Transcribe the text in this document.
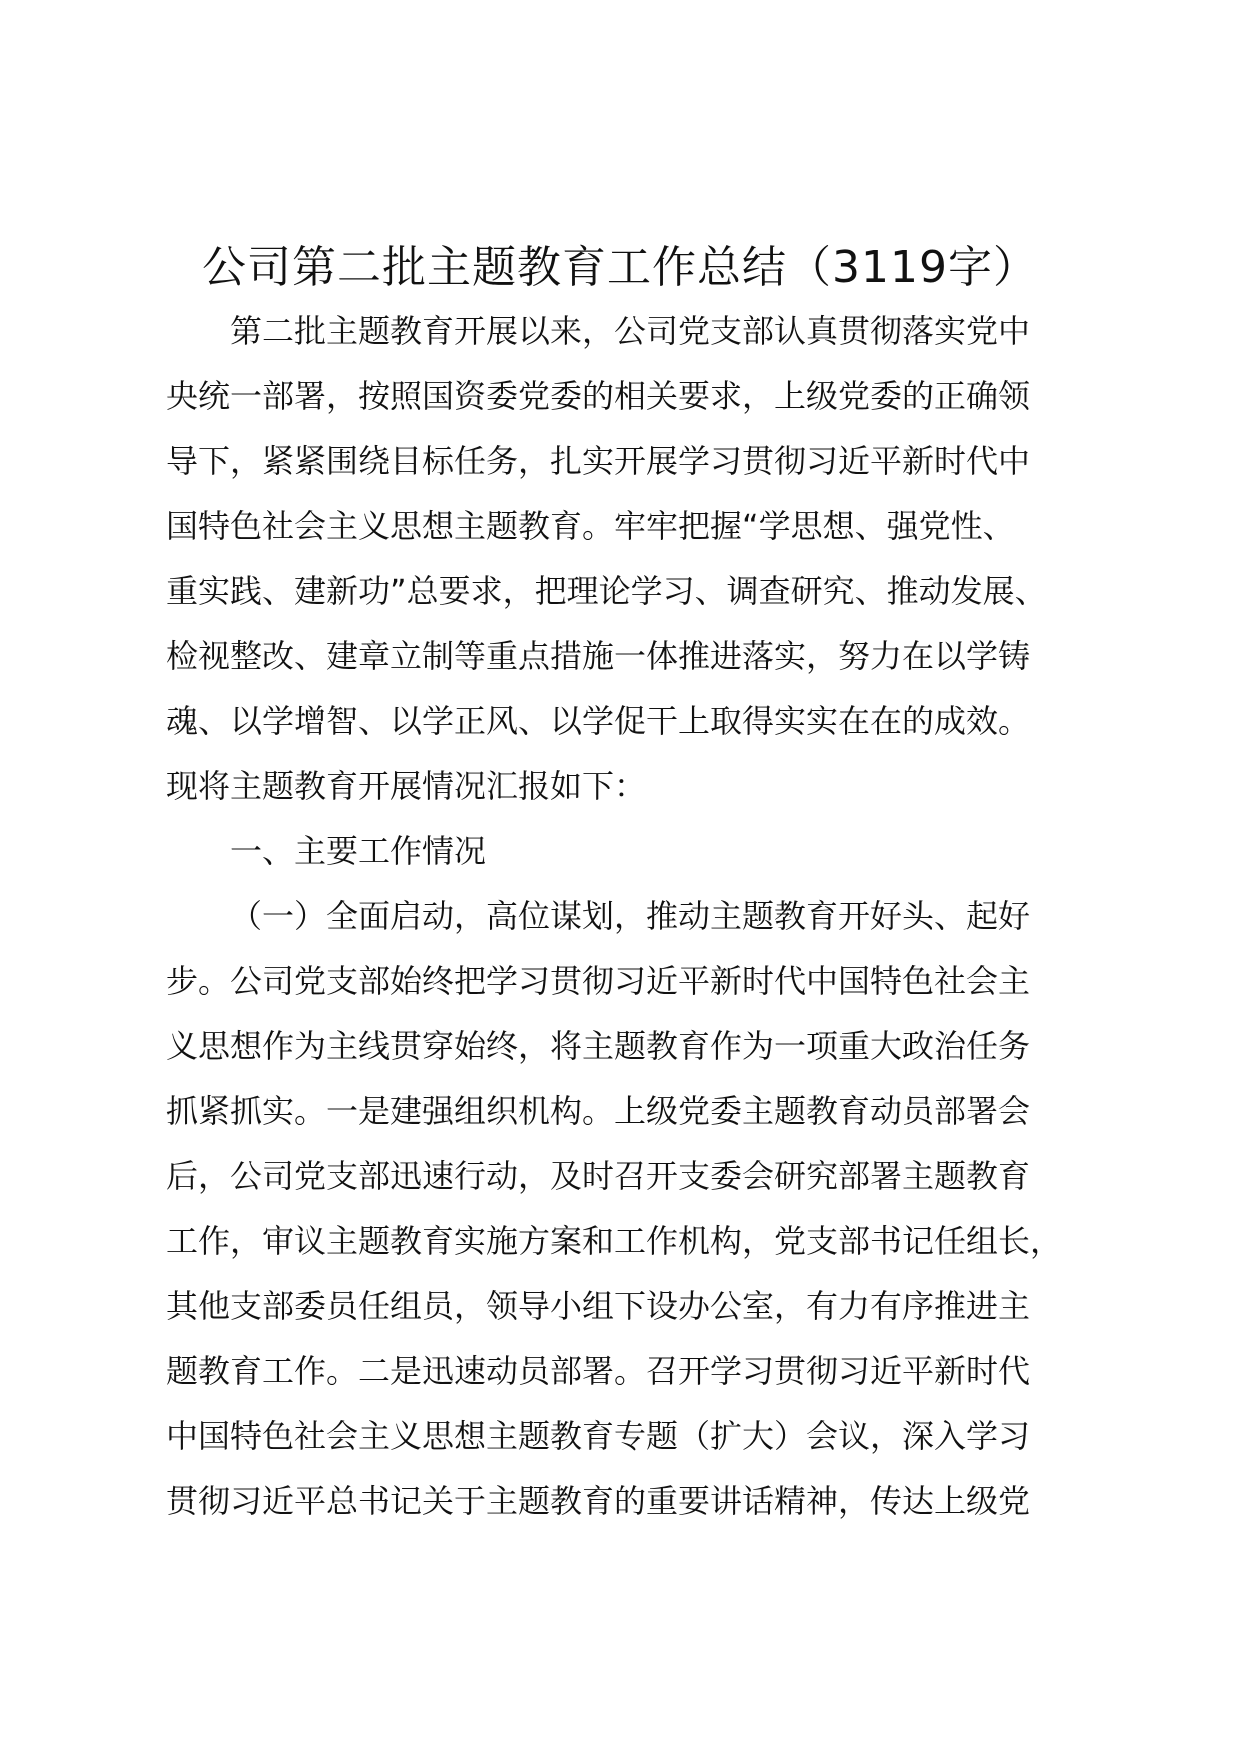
公司第二批主题教育工作总结（3119字）
第二批主题教育开展以来，公司党支部认真贯彻落实党中
央统一部署，按照国资委党委的相关要求，上级党委的正确领
导下，紧紧围绕目标任务，扎实开展学习贯彻习近平新时代中
国特色社会主义思想主题教育。牢牢把握“学思想、强党性、
重实践、建新功”总要求，把理论学习、调查研究、推动发展、
检视整改、建章立制等重点措施一体推进落实，努力在以学铸
魂、以学增智、以学正风、以学促干上取得实实在在的成效。
现将主题教育开展情况汇报如下：
一、主要工作情况
（一）全面启动，高位谋划，推动主题教育开好头、起好
步。公司党支部始终把学习贯彻习近平新时代中国特色社会主
义思想作为主线贯穿始终，将主题教育作为一项重大政治任务
抓紧抓实。一是建强组织机构。上级党委主题教育动员部署会
后，公司党支部迅速行动，及时召开支委会研究部署主题教育
工作，审议主题教育实施方案和工作机构，党支部书记任组长，
其他支部委员任组员，领导小组下设办公室，有力有序推进主
题教育工作。二是迅速动员部署。召开学习贯彻习近平新时代
中国特色社会主义思想主题教育专题（扩大）会议，深入学习
贯彻习近平总书记关于主题教育的重要讲话精神，传达上级党
